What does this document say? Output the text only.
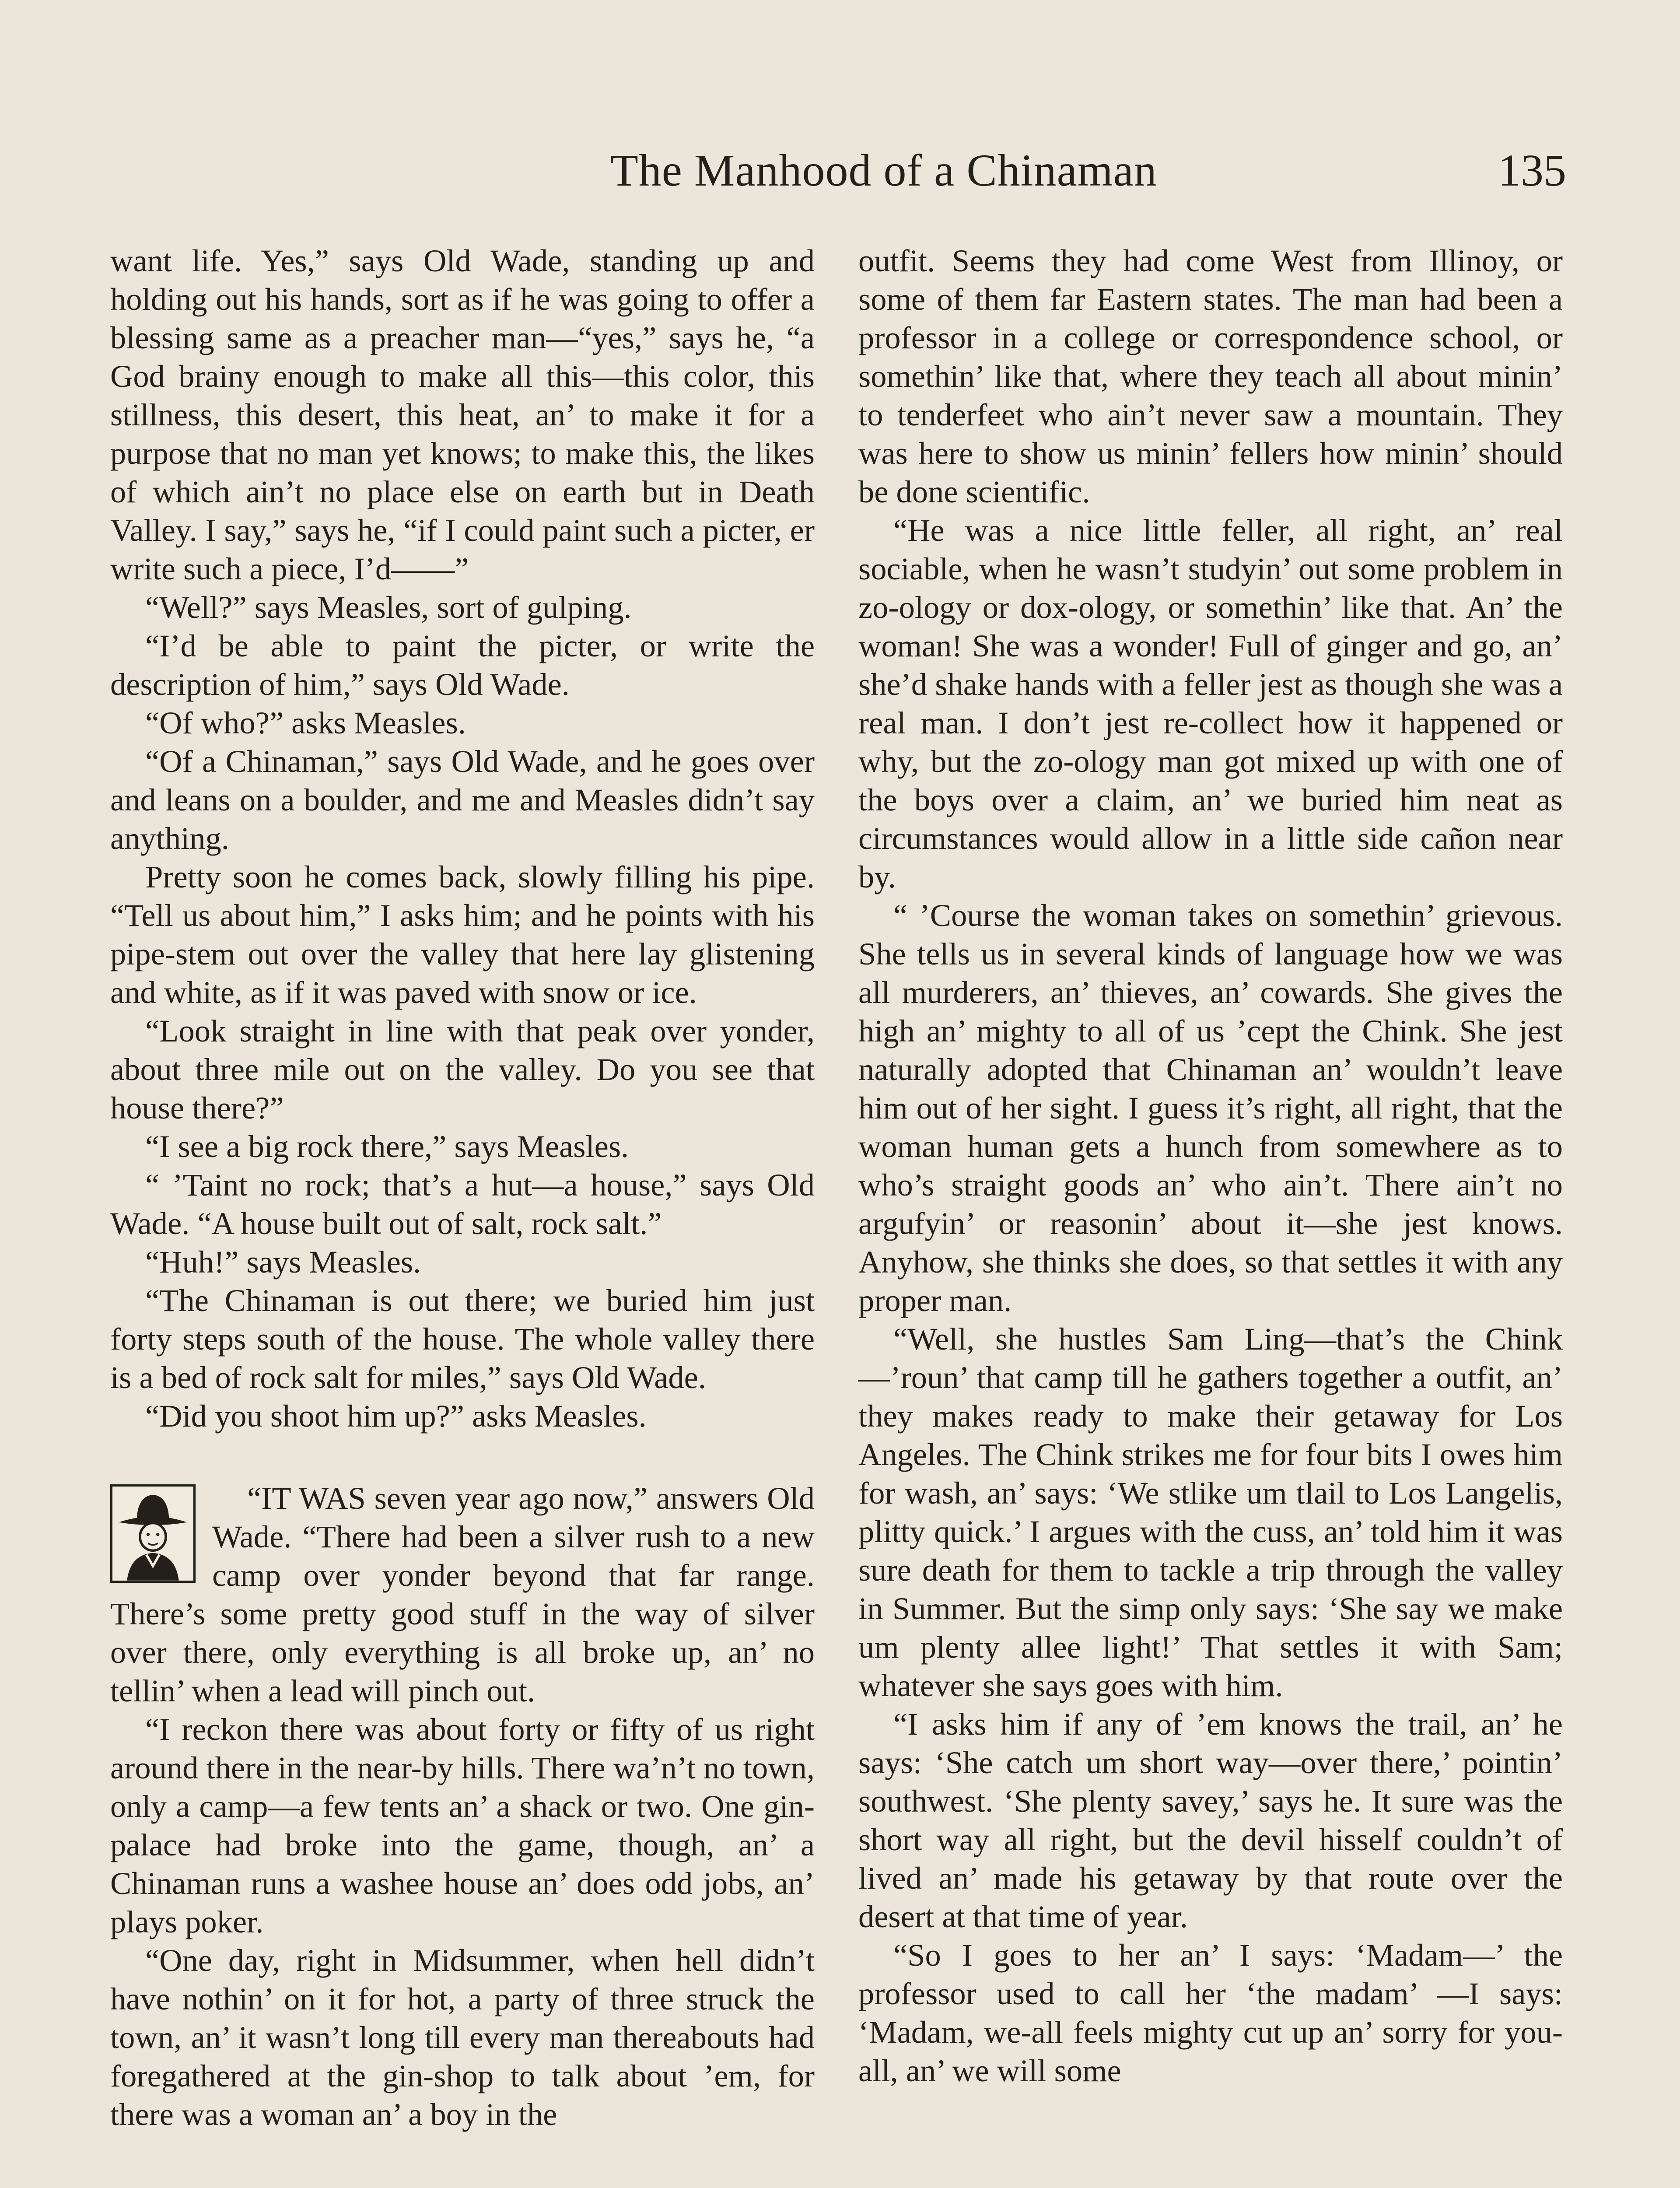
The Manhood of a Chinaman	135

want life. Yes,” says Old Wade, standing up and holding out his hands, sort as if he was going to offer a blessing same as a preacher man—“yes,” says he, “a God brainy enough to make all this—this color, this stillness, this desert, this heat, an’ to make it for a purpose that no man yet knows; to make this, the likes of which ain’t no place else on earth but in Death Valley. I say,” says he, “if I could paint such a picter, er write such a piece, I’d——”

“Well?” says Measles, sort of gulping.

“I’d be able to paint the picter, or write the description of him,” says Old Wade.

“Of who?” asks Measles.

“Of a Chinaman,” says Old Wade, and he goes over and leans on a boulder, and me and Measles didn’t say anything.

Pretty soon he comes back, slowly filling his pipe. “Tell us about him,” I asks him; and he points with his pipe-stem out over the valley that here lay glistening and white, as if it was paved with snow or ice.

“Look straight in line with that peak over yonder, about three mile out on the valley. Do you see that house there?”

“I see a big rock there,” says Measles.

“ ’Taint no rock; that’s a hut—a house,” says Old Wade. “A house built out of salt, rock salt.”

“Huh!” says Measles.

“The Chinaman is out there; we buried him just forty steps south of the house. The whole valley there is a bed of rock salt for miles,” says Old Wade.

“Did you shoot him up?” asks Measles.

“IT WAS seven year ago now,” answers Old Wade. “There had been a silver rush to a new camp over yonder beyond that far range. There’s some pretty good stuff in the way of silver over there, only everything is all broke up, an’ no tellin’ when a lead will pinch out.

“I reckon there was about forty or fifty of us right around there in the near-by hills. There wa’n’t no town, only a camp—a few tents an’ a shack or two. One gin-palace had broke into the game, though, an’ a Chinaman runs a washee house an’ does odd jobs, an’ plays poker.

“One day, right in Midsummer, when hell didn’t have nothin’ on it for hot, a party of three struck the town, an’ it wasn’t long till every man thereabouts had foregathered at the gin-shop to talk about ’em, for there was a woman an’ a boy in the

outfit. Seems they had come West from Illinoy, or some of them far Eastern states. The man had been a professor in a college or correspondence school, or somethin’ like that, where they teach all about minin’ to tenderfeet who ain’t never saw a mountain. They was here to show us minin’ fellers how minin’ should be done scientific.

“He was a nice little feller, all right, an’ real sociable, when he wasn’t studyin’ out some problem in zo-ology or dox-ology, or somethin’ like that. An’ the woman! She was a wonder! Full of ginger and go, an’ she’d shake hands with a feller jest as though she was a real man. I don’t jest re-collect how it happened or why, but the zo-ology man got mixed up with one of the boys over a claim, an’ we buried him neat as circumstances would allow in a little side cañon near by.

“ ’Course the woman takes on somethin’ grievous. She tells us in several kinds of language how we was all murderers, an’ thieves, an’ cowards. She gives the high an’ mighty to all of us ’cept the Chink. She jest naturally adopted that Chinaman an’ wouldn’t leave him out of her sight. I guess it’s right, all right, that the woman human gets a hunch from somewhere as to who’s straight goods an’ who ain’t. There ain’t no argufyin’ or reasonin’ about it—she jest knows. Anyhow, she thinks she does, so that settles it with any proper man.

“Well, she hustles Sam Ling—that’s the Chink—’roun’ that camp till he gathers together a outfit, an’ they makes ready to make their getaway for Los Angeles. The Chink strikes me for four bits I owes him for wash, an’ says: ‘We stlike um tlail to Los Langelis, plitty quick.’ I argues with the cuss, an’ told him it was sure death for them to tackle a trip through the valley in Summer. But the simp only says: ‘She say we make um plenty allee light!’ That settles it with Sam; whatever she says goes with him.

“I asks him if any of ’em knows the trail, an’ he says: ‘She catch um short way—over there,’ pointin’ southwest. ‘She plenty savey,’ says he. It sure was the short way all right, but the devil hisself couldn’t of lived an’ made his getaway by that route over the desert at that time of year.

“So I goes to her an’ I says: ‘Madam—’ the professor used to call her ‘the madam’ —I says: ‘Madam, we-all feels mighty cut up an’ sorry for you-all, an’ we will some
